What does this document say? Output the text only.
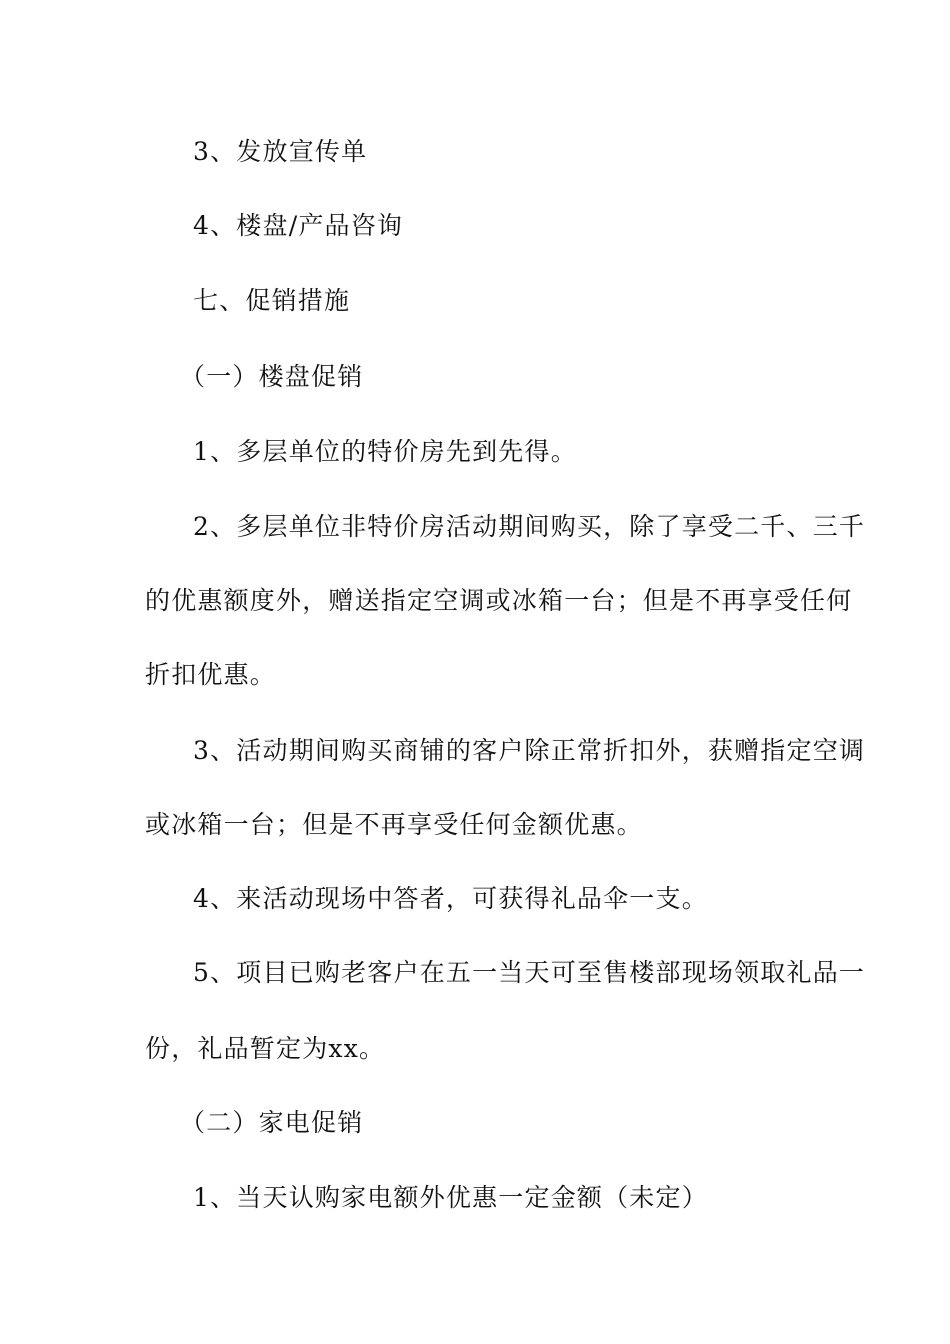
3、发放宣传单

4、楼盘/产品咨询

七、促销措施

（一）楼盘促销

1、多层单位的特价房先到先得。

2、多层单位非特价房活动期间购买，除了享受二千、三千

的优惠额度外，赠送指定空调或冰箱一台；但是不再享受任何

折扣优惠。

3、活动期间购买商铺的客户除正常折扣外，获赠指定空调

或冰箱一台；但是不再享受任何金额优惠。

4、来活动现场中答者，可获得礼品伞一支。

5、项目已购老客户在五一当天可至售楼部现场领取礼品一

份，礼品暂定为xx。

（二）家电促销

1、当天认购家电额外优惠一定金额（未定）
